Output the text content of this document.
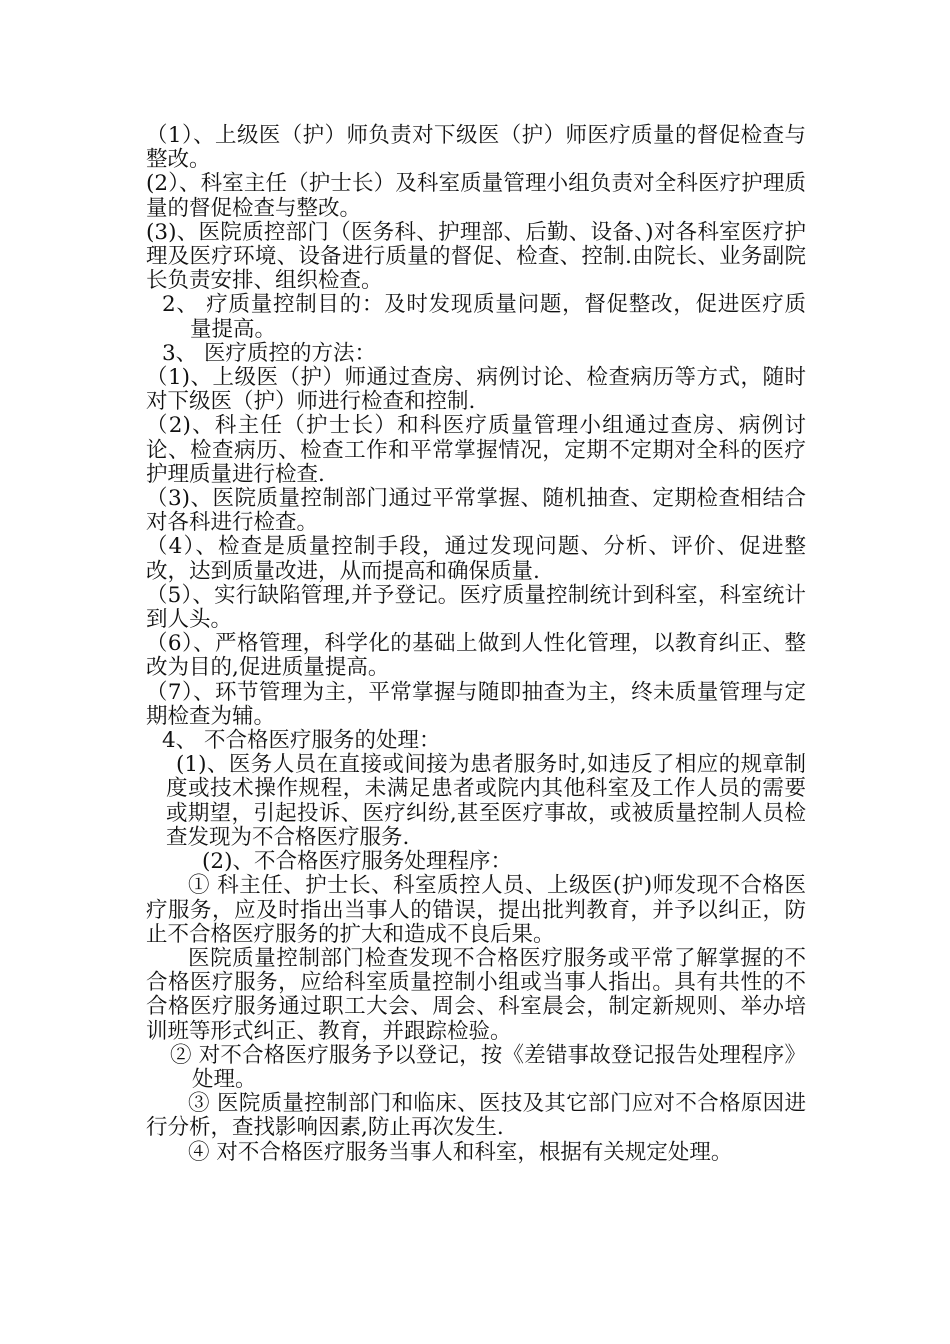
（1）、上级医（护）师负责对下级医（护）师医疗质量的督促检查与整改。

(2）、科室主任（护士长）及科室质量管理小组负责对全科医疗护理质量的督促检查与整改。

(3)、医院质控部门（医务科、护理部、后勤、设备、)对各科室医疗护理及医疗环境、设备进行质量的督促、检查、控制.由院长、业务副院长负责安排、组织检查。

2、 疗质量控制目的：及时发现质量问题，督促整改，促进医疗质量提高。

3、 医疗质控的方法：

（1)、上级医（护）师通过查房、病例讨论、检查病历等方式，随时对下级医（护）师进行检查和控制.

（2)、科主任（护士长）和科医疗质量管理小组通过查房、病例讨论、检查病历、检查工作和平常掌握情况，定期不定期对全科的医疗护理质量进行检查.

（3)、医院质量控制部门通过平常掌握、随机抽查、定期检查相结合对各科进行检查。

（4）、检查是质量控制手段，通过发现问题、分析、评价、促进整改，达到质量改进，从而提高和确保质量.

（5）、实行缺陷管理,并予登记。医疗质量控制统计到科室，科室统计到人头。

（6）、严格管理，科学化的基础上做到人性化管理，以教育纠正、整改为目的,促进质量提高。

（7）、环节管理为主，平常掌握与随即抽查为主，终未质量管理与定期检查为辅。

4、 不合格医疗服务的处理：

(1)、医务人员在直接或间接为患者服务时,如违反了相应的规章制度或技术操作规程，未满足患者或院内其他科室及工作人员的需要或期望，引起投诉、医疗纠纷,甚至医疗事故，或被质量控制人员检查发现为不合格医疗服务.

(2)、不合格医疗服务处理程序：

① 科主任、护士长、科室质控人员、上级医(护)师发现不合格医疗服务，应及时指出当事人的错误，提出批判教育，并予以纠正，防止不合格医疗服务的扩大和造成不良后果。

医院质量控制部门检查发现不合格医疗服务或平常了解掌握的不合格医疗服务，应给科室质量控制小组或当事人指出。具有共性的不合格医疗服务通过职工大会、周会、科室晨会，制定新规则、举办培训班等形式纠正、教育，并跟踪检验。

② 对不合格医疗服务予以登记，按《差错事故登记报告处理程序》处理。

③ 医院质量控制部门和临床、医技及其它部门应对不合格原因进行分析，查找影响因素,防止再次发生.

④ 对不合格医疗服务当事人和科室，根据有关规定处理。
